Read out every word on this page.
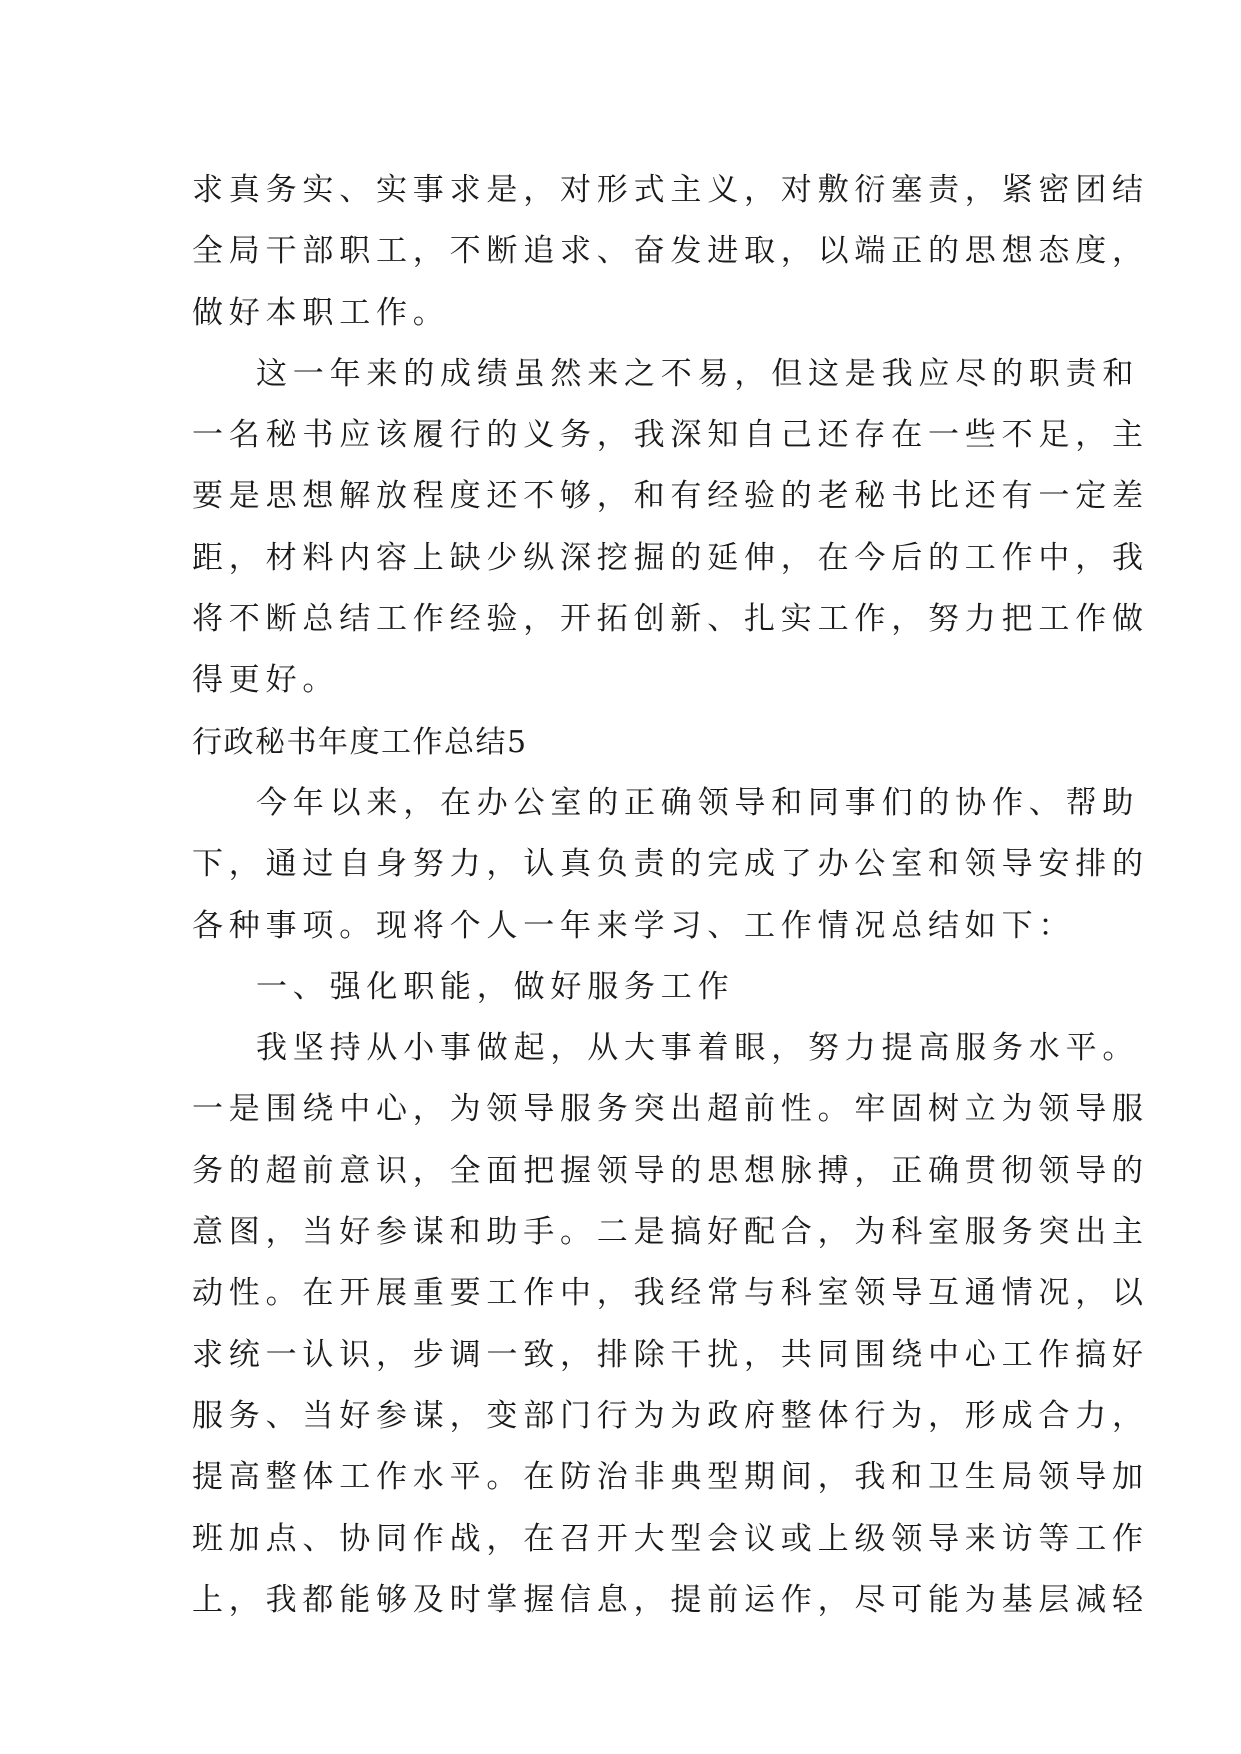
求真务实、实事求是，对形式主义，对敷衍塞责，紧密团结
全局干部职工，不断追求、奋发进取，以端正的思想态度，
做好本职工作。
这一年来的成绩虽然来之不易，但这是我应尽的职责和
一名秘书应该履行的义务，我深知自己还存在一些不足，主
要是思想解放程度还不够，和有经验的老秘书比还有一定差
距，材料内容上缺少纵深挖掘的延伸，在今后的工作中，我
将不断总结工作经验，开拓创新、扎实工作，努力把工作做
得更好。
行政秘书年度工作总结5
今年以来，在办公室的正确领导和同事们的协作、帮助
下，通过自身努力，认真负责的完成了办公室和领导安排的
各种事项。现将个人一年来学习、工作情况总结如下：
一、强化职能，做好服务工作
我坚持从小事做起，从大事着眼，努力提高服务水平。
一是围绕中心，为领导服务突出超前性。牢固树立为领导服
务的超前意识，全面把握领导的思想脉搏，正确贯彻领导的
意图，当好参谋和助手。二是搞好配合，为科室服务突出主
动性。在开展重要工作中，我经常与科室领导互通情况，以
求统一认识，步调一致，排除干扰，共同围绕中心工作搞好
服务、当好参谋，变部门行为为政府整体行为，形成合力，
提高整体工作水平。在防治非典型期间，我和卫生局领导加
班加点、协同作战，在召开大型会议或上级领导来访等工作
上，我都能够及时掌握信息，提前运作，尽可能为基层减轻
